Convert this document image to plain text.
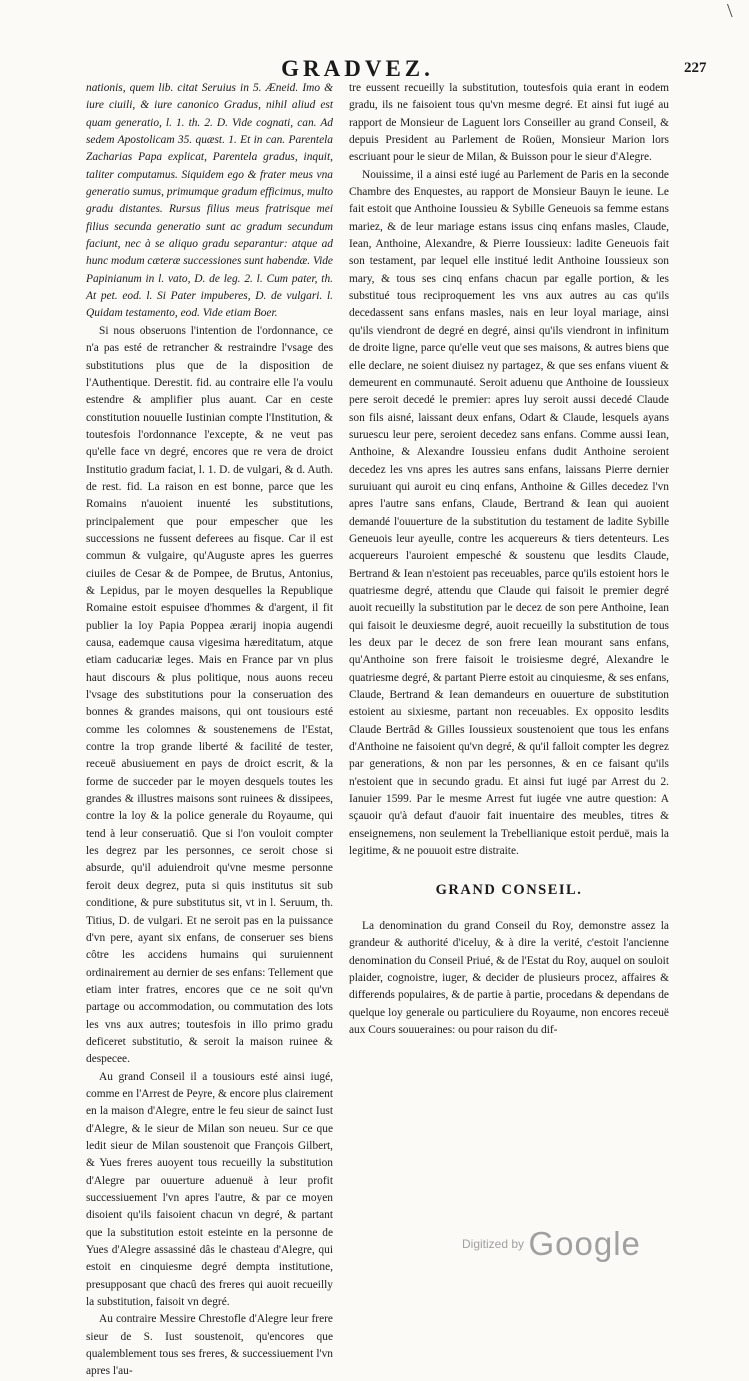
\
GRADVEZ.	227

nationis, quem lib. citat Seruius in 5. Æneid. Imo & iure ciuili, & iure canonico Gradus, nihil aliud est quam generatio, l. 1. th. 2. D. Vide cognati, can. Ad sedem Apostolicam 35. quæst. 1. Et in can. Parentela Zacharias Papa explicat, Parentela gradus, inquit, taliter computamus. Siquidem ego & frater meus vna generatio sumus, primumque gradum efficimus, multo gradu distantes. Rursus filius meus fratrisque mei filius secunda generatio sunt ac gradum secundum faciunt, nec à se aliquo gradu separantur: atque ad hunc modum cæteræ successiones sunt habendæ. Vide Papinianum in l. vato, D. de leg. 2. l. Cum pater, th. At pet. eod. l. Si Pater impuberes, D. de vulgari. l. Quidam testamento, eod. Vide etiam Boer.

Si nous obseruons l'intention de l'ordonnance, ce n'a pas esté de retrancher & restraindre l'vsage des substitutions plus que de la disposition de l'Authentique. Derestit. fid. au contraire elle l'a voulu estendre & amplifier plus auant. Car en ceste constitution nouuelle Iustinian compte l'Institution, & toutesfois l'ordonnance l'excepte, & ne veut pas qu'elle face vn degré, encores que re vera de droict Institutio gradum faciat, l. 1. D. de vulgari, & d. Auth. de rest. fid. La raison en est bonne, parce que les Romains n'auoient inuenté les substitutions, principalement que pour empescher que les successions ne fussent deferees au fisque. Car il est commun & vulgaire, qu'Auguste apres les guerres ciuiles de Cesar & de Pompee, de Brutus, Antonius, & Lepidus, par le moyen desquelles la Republique Romaine estoit espuisee d'hommes & d'argent, il fit publier la loy Papia Poppea ærarij inopia augendi causa, eademque causa vigesima hæreditatum, atque etiam caducariæ leges. Mais en France par vn plus haut discours & plus politique, nous auons receu l'vsage des substitutions pour la conseruation des bonnes & grandes maisons, qui ont tousiours esté comme les colomnes & soustenemens de l'Estat, contre la trop grande liberté & facilité de tester, receuë abusiuement en pays de droict escrit, & la forme de succeder par le moyen desquels toutes les grandes & illustres maisons sont ruinees & dissipees, contre la loy & la police generale du Royaume, qui tend à leur conseruatiô. Que si l'on vouloit compter les degrez par les personnes, ce seroit chose si absurde, qu'il aduiendroit qu'vne mesme personne feroit deux degrez, puta si quis institutus sit sub conditione, & pure substitutus sit, vt in l. Seruum, th. Titius, D. de vulgari. Et ne seroit pas en la puissance d'vn pere, ayant six enfans, de conseruer ses biens côtre les accidens humains qui suruiennent ordinairement au dernier de ses enfans: Tellement que etiam inter fratres, encores que ce ne soit qu'vn partage ou accommodation, ou commutation des lots les vns aux autres; toutesfois in illo primo gradu deficeret substitutio, & seroit la maison ruinee & despecee.

Au grand Conseil il a tousiours esté ainsi iugé, comme en l'Arrest de Peyre, & encore plus clairement en la maison d'Alegre, entre le feu sieur de sainct Iust d'Alegre, & le sieur de Milan son neueu. Sur ce que ledit sieur de Milan soustenoit que François Gilbert, & Yues freres auoyent tous recueilly la substitution d'Alegre par ouuerture aduenuë à leur profit successiuement l'vn apres l'autre, & par ce moyen disoient qu'ils faisoient chacun vn degré, & partant que la substitution estoit esteinte en la personne de Yues d'Alegre assassiné dâs le chasteau d'Alegre, qui estoit en cinquiesme degré dempta institutione, presupposant que chacû des freres qui auoit recueilly la substitution, faisoit vn degré.

Au contraire Messire Chrestofle d'Alegre leur frere sieur de S. Iust soustenoit, qu'encores que qualemblement tous ses freres, & successiuement l'vn apres l'au-

tre eussent recueilly la substitution, toutesfois quia erant in eodem gradu, ils ne faisoient tous qu'vn mesme degré. Et ainsi fut iugé au rapport de Monsieur de Laguent lors Conseiller au grand Conseil, & depuis President au Parlement de Roüen, Monsieur Marion lors escriuant pour le sieur de Milan, & Buisson pour le sieur d'Alegre.

Nouissime, il a ainsi esté iugé au Parlement de Paris en la seconde Chambre des Enquestes, au rapport de Monsieur Bauyn le ieune. Le fait estoit que Anthoine Ioussieu & Sybille Geneuois sa femme estans mariez, & de leur mariage estans issus cinq enfans masles, Claude, Iean, Anthoine, Alexandre, & Pierre Ioussieux: ladite Geneuois fait son testament, par lequel elle institué ledit Anthoine Ioussieux son mary, & tous ses cinq enfans chacun par egalle portion, & les substitué tous reciproquement les vns aux autres au cas qu'ils decedassent sans enfans masles, nais en leur loyal mariage, ainsi qu'ils viendront de degré en degré, ainsi qu'ils viendront in infinitum de droite ligne, parce qu'elle veut que ses maisons, & autres biens que elle declare, ne soient diuisez ny partagez, & que ses enfans viuent & demeurent en communauté. Seroit aduenu que Anthoine de Ioussieux pere seroit decedé le premier: apres luy seroit aussi decedé Claude son fils aisné, laissant deux enfans, Odart & Claude, lesquels ayans suruescu leur pere, seroient decedez sans enfans. Comme aussi Iean, Anthoine, & Alexandre Ioussieu enfans dudit Anthoine seroient decedez les vns apres les autres sans enfans, laissans Pierre dernier suruiuant qui auroit eu cinq enfans, Anthoine & Gilles decedez l'vn apres l'autre sans enfans, Claude, Bertrand & Iean qui auoient demandé l'ouuerture de la substitution du testament de ladite Sybille Geneuois leur ayeulle, contre les acquereurs & tiers detenteurs. Les acquereurs l'auroient empesché & soustenu que lesdits Claude, Bertrand & Iean n'estoient pas receuables, parce qu'ils estoient hors le quatriesme degré, attendu que Claude qui faisoit le premier degré auoit recueilly la substitution par le decez de son pere Anthoine, Iean qui faisoit le deuxiesme degré, auoit recueilly la substitution de tous les deux par le decez de son frere Iean mourant sans enfans, qu'Anthoine son frere faisoit le troisiesme degré, Alexandre le quatriesme degré, & partant Pierre estoit au cinquiesme, & ses enfans, Claude, Bertrand & Iean demandeurs en ouuerture de substitution estoient au sixiesme, partant non receuables. Ex opposito lesdits Claude Bertrâd & Gilles Ioussieux soustenoient que tous les enfans d'Anthoine ne faisoient qu'vn degré, & qu'il falloit compter les degrez par generations, & non par les personnes, & en ce faisant qu'ils n'estoient que in secundo gradu. Et ainsi fut iugé par Arrest du 2. Ianuier 1599. Par le mesme Arrest fut iugée vne autre question: A sçauoir qu'à defaut d'auoir fait inuentaire des meubles, titres & enseignemens, non seulement la Trebellianique estoit perduë, mais la legitime, & ne pouuoit estre distraite.

GRAND CONSEIL.

La denomination du grand Conseil du Roy, demonstre assez la grandeur & authorité d'iceluy, & à dire la verité, c'estoit l'ancienne denomination du Conseil Priué, & de l'Estat du Roy, auquel on souloit plaider, cognoistre, iuger, & decider de plusieurs procez, affaires & differends populaires, & de partie à partie, procedans & dependans de quelque loy generale ou particuliere du Royaume, non encores receuë aux Cours souueraines: ou pour raison du dif-

Digitized by Google
